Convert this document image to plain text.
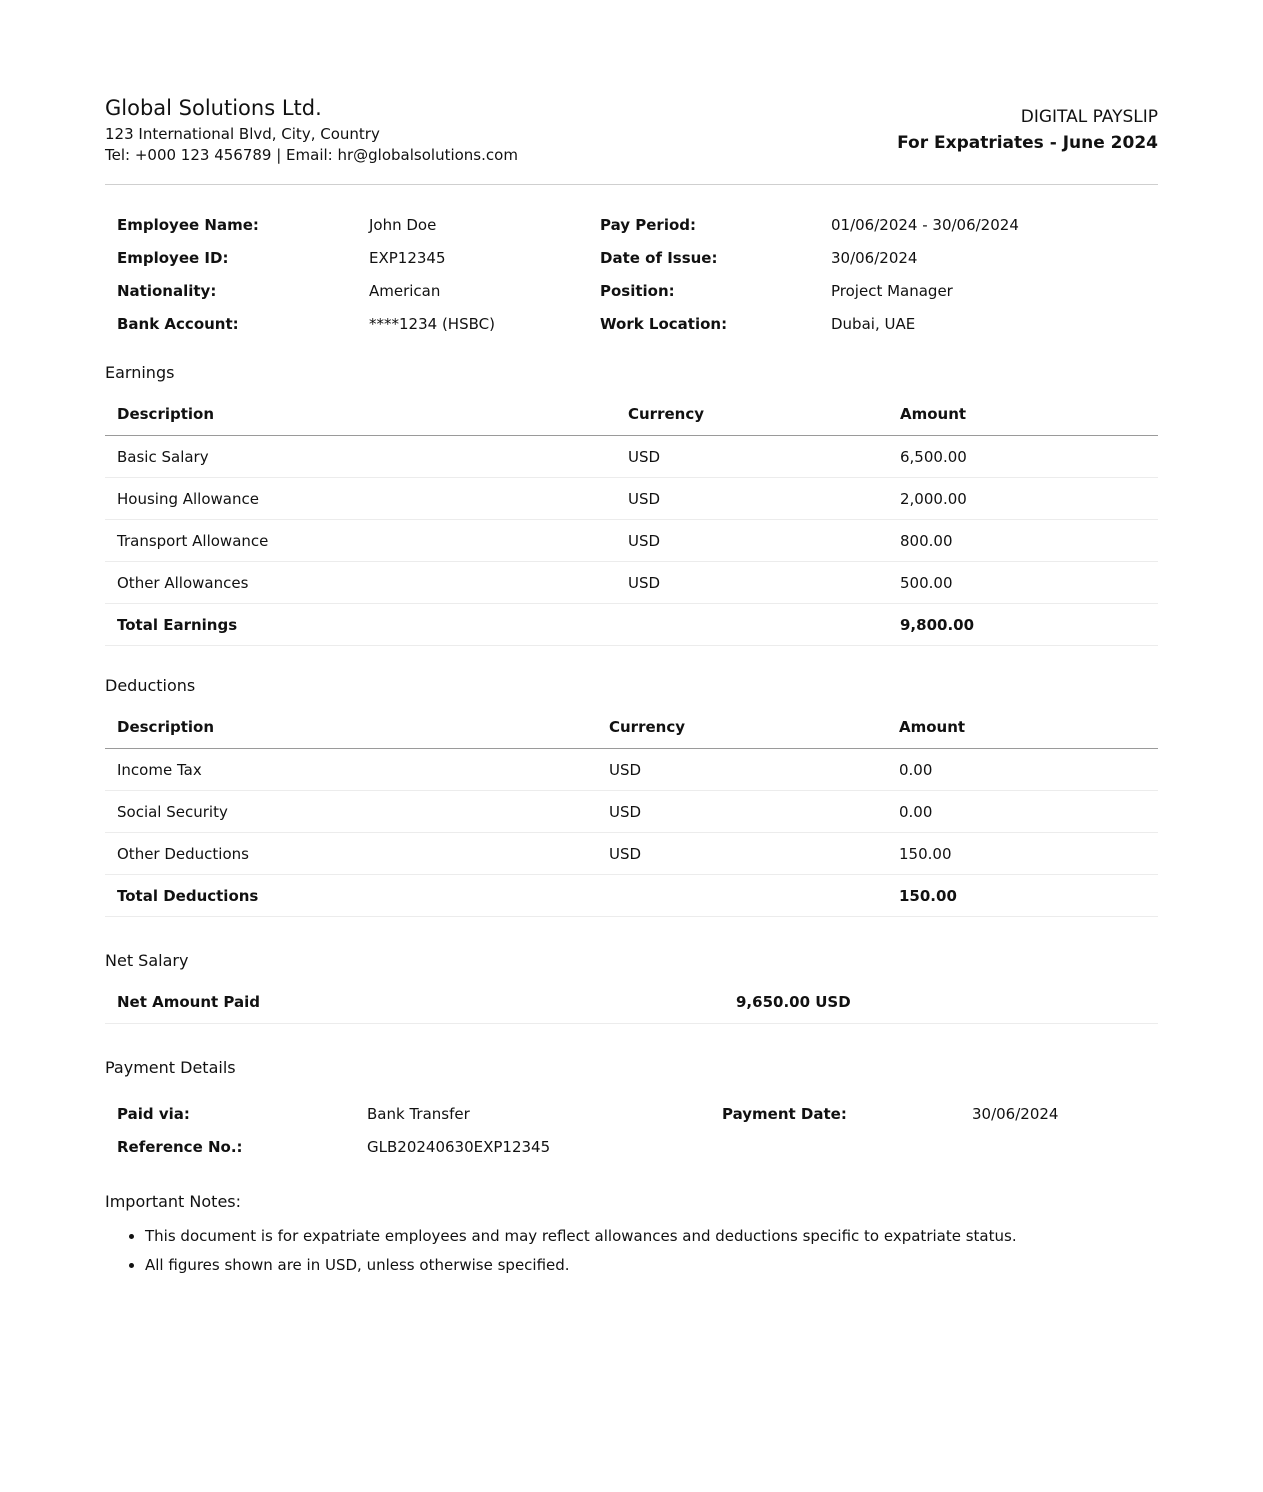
Global Solutions Ltd.
123 International Blvd, City, Country
Tel: +000 123 456789 | Email: hr@globalsolutions.com
DIGITAL PAYSLIP
For Expatriates - June 2024
Employee Name:	John Doe	Pay Period:	01/06/2024 - 30/06/2024
Employee ID:	EXP12345	Date of Issue:	30/06/2024
Nationality:	American	Position:	Project Manager
Bank Account:	****1234 (HSBC)	Work Location:	Dubai, UAE
Earnings
Description	Currency	Amount
Basic Salary	USD	6,500.00
Housing Allowance	USD	2,000.00
Transport Allowance	USD	800.00
Other Allowances	USD	500.00
Total Earnings		9,800.00
Deductions
Description	Currency	Amount
Income Tax	USD	0.00
Social Security	USD	0.00
Other Deductions	USD	150.00
Total Deductions		150.00
Net Salary
Net Amount Paid	9,650.00 USD
Payment Details
Paid via:	Bank Transfer	Payment Date:	30/06/2024
Reference No.:	GLB20240630EXP12345
Important Notes:
• This document is for expatriate employees and may reflect allowances and deductions specific to expatriate status.
• All figures shown are in USD, unless otherwise specified.
